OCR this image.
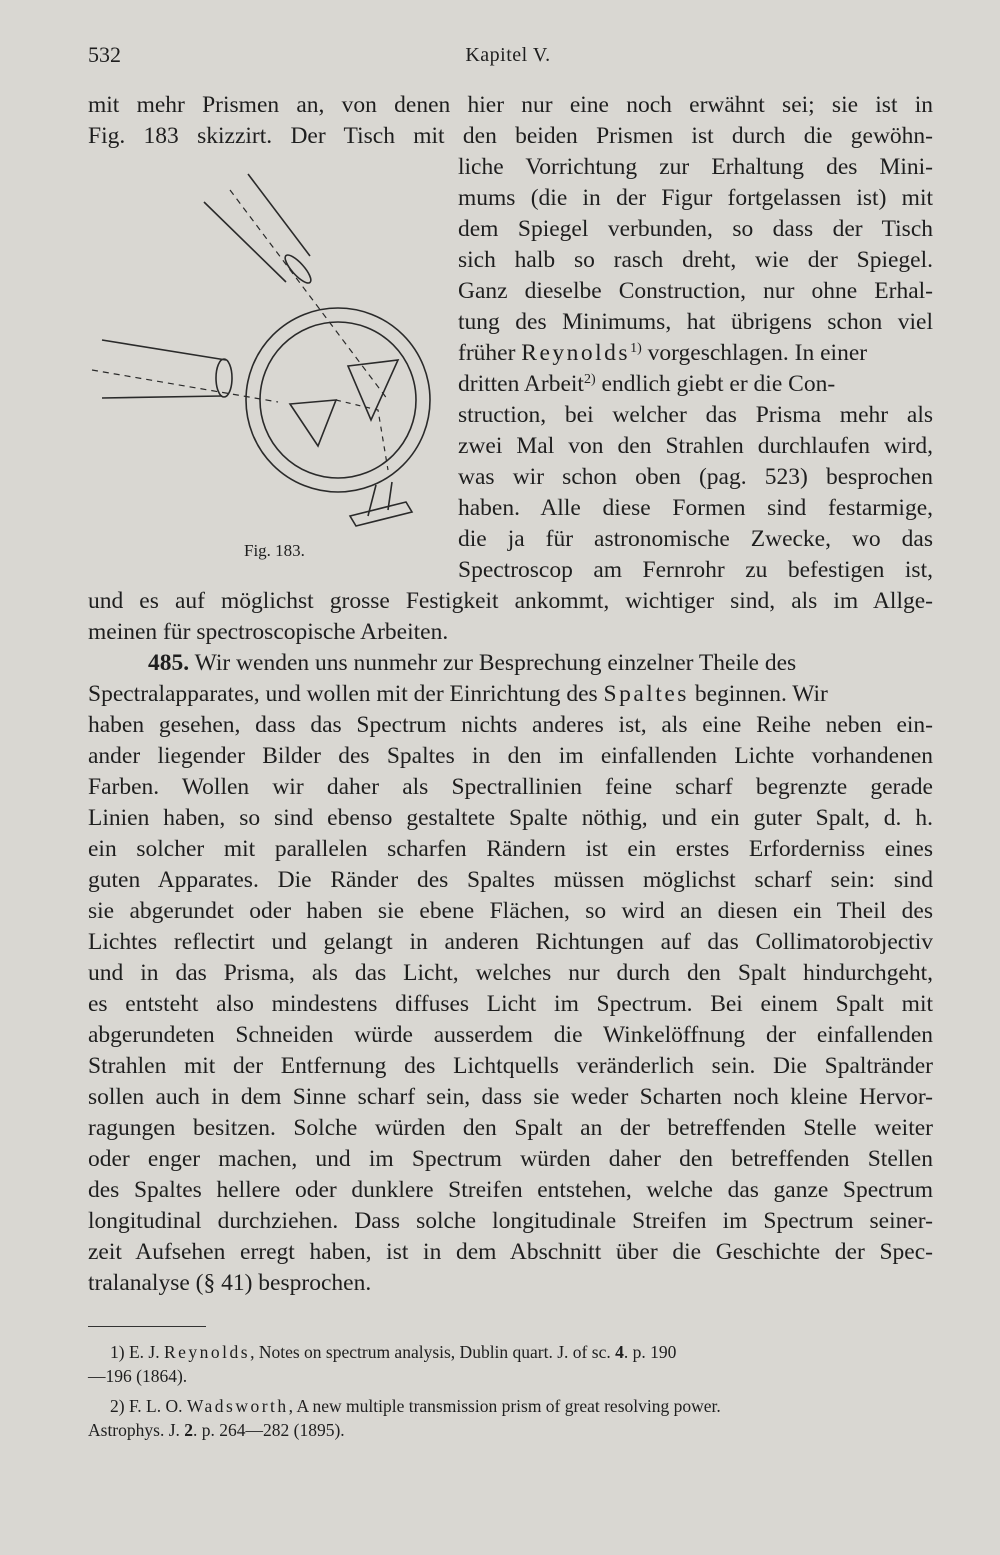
532	Kapitel V.
mit mehr Prismen an, von denen hier nur eine noch erwähnt sei; sie ist in
Fig. 183 skizzirt. Der Tisch mit den beiden Prismen ist durch die gewöhn-
Fig. 183.
liche Vorrichtung zur Erhaltung des Mini-
mums (die in der Figur fortgelassen ist) mit
dem Spiegel verbunden, so dass der Tisch
sich halb so rasch dreht, wie der Spiegel.
Ganz dieselbe Construction, nur ohne Erhal-
tung des Minimums, hat übrigens schon viel
früher Reynolds$^{1)}$ vorgeschlagen. In einer
dritten Arbeit$^{2)}$ endlich giebt er die Con-
struction, bei welcher das Prisma mehr als
zwei Mal von den Strahlen durchlaufen wird,
was wir schon oben (pag. 523) besprochen
haben. Alle diese Formen sind festarmige,
die ja für astronomische Zwecke, wo das
Spectroscop am Fernrohr zu befestigen ist,
und es auf möglichst grosse Festigkeit ankommt, wichtiger sind, als im Allge-
meinen für spectroscopische Arbeiten.
485. Wir wenden uns nunmehr zur Besprechung einzelner Theile des
Spectralapparates, und wollen mit der Einrichtung des Spaltes beginnen. Wir
haben gesehen, dass das Spectrum nichts anderes ist, als eine Reihe neben ein-
ander liegender Bilder des Spaltes in den im einfallenden Lichte vorhandenen
Farben. Wollen wir daher als Spectrallinien feine scharf begrenzte gerade
Linien haben, so sind ebenso gestaltete Spalte nöthig, und ein guter Spalt, d. h.
ein solcher mit parallelen scharfen Rändern ist ein erstes Erforderniss eines
guten Apparates. Die Ränder des Spaltes müssen möglichst scharf sein: sind
sie abgerundet oder haben sie ebene Flächen, so wird an diesen ein Theil des
Lichtes reflectirt und gelangt in anderen Richtungen auf das Collimatorobjectiv
und in das Prisma, als das Licht, welches nur durch den Spalt hindurchgeht,
es entsteht also mindestens diffuses Licht im Spectrum. Bei einem Spalt mit
abgerundeten Schneiden würde ausserdem die Winkelöffnung der einfallenden
Strahlen mit der Entfernung des Lichtquells veränderlich sein. Die Spaltränder
sollen auch in dem Sinne scharf sein, dass sie weder Scharten noch kleine Hervor-
ragungen besitzen. Solche würden den Spalt an der betreffenden Stelle weiter
oder enger machen, und im Spectrum würden daher den betreffenden Stellen
des Spaltes hellere oder dunklere Streifen entstehen, welche das ganze Spectrum
longitudinal durchziehen. Dass solche longitudinale Streifen im Spectrum seiner-
zeit Aufsehen erregt haben, ist in dem Abschnitt über die Geschichte der Spec-
tralanalyse (§ 41) besprochen.
1) E. J. Reynolds, Notes on spectrum analysis, Dublin quart. J. of sc. 4. p. 190
—196 (1864).
2) F. L. O. Wadsworth, A new multiple transmission prism of great resolving power.
Astrophys. J. 2. p. 264—282 (1895).
